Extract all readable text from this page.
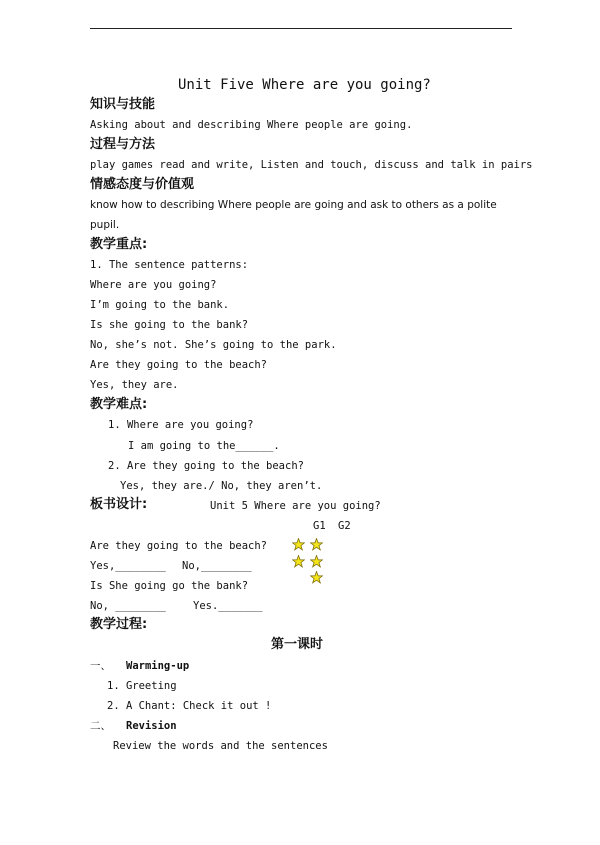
Unit Five Where are you going?
知识与技能
Asking about and describing Where people are going.
过程与方法
play games read and write, Listen and touch, discuss and talk in pairs
情感态度与价值观
know how to describing Where people are going and ask to others as a polite
pupil.
教学重点:
1. The sentence patterns:
Where are you going?
I’m going to the bank.
Is she going to the bank?
No, she’s not. She’s going to the park.
Are they going to the beach?
Yes, they are.
教学难点:
1. Where are you going?
I am going to the______.
2. Are they going to the beach?
Yes, they are./ No, they aren’t.
板书设计:	Unit 5 Where are you going?
G1 G2
Are they going to the beach?
Yes,________ No,________
Is She going go the bank?
No, ________	Yes._______
教学过程:
第一课时
一、 Warming-up
1. Greeting
2. A Chant: Check it out !
二、 Revision
Review the words and the sentences
